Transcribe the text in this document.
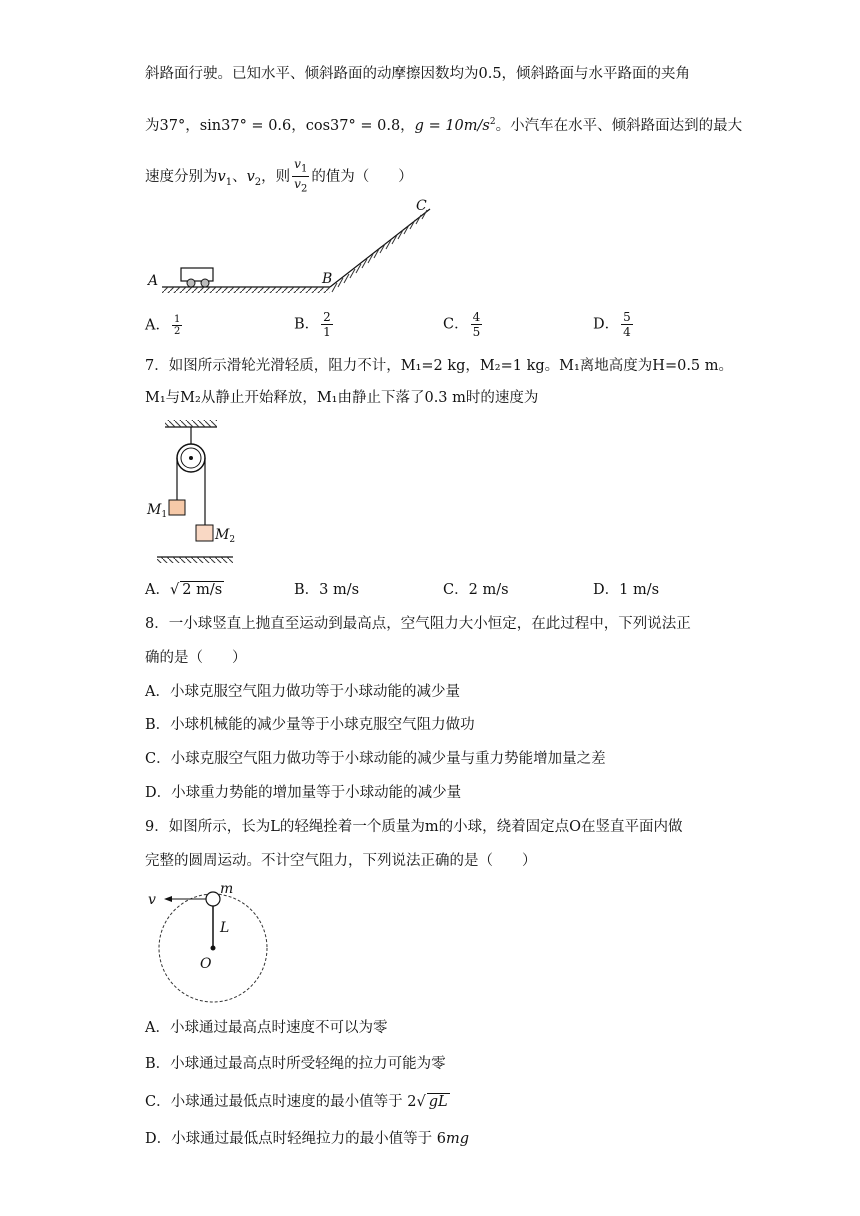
斜路面行驶。已知水平、倾斜路面的动摩擦因数均为0.5，倾斜路面与水平路面的夹角
为37°，sin37° = 0.6，cos37° = 0.8，$g = 10m/s^2$。小汽车在水平、倾斜路面达到的最大
速度分别为$v_1$、$v_2$，则 $\frac{v_1}{v_2}$ 的值为（　　）
A	B
C
A． $\frac{1}{2}$	B． $\frac{2}{1}$	C． $\frac{4}{5}$	D． $\frac{5}{4}$
7．如图所示滑轮光滑轻质，阻力不计，M₁=2 kg，M₂=1 kg。M₁离地高度为H=0.5 m。
M₁与M₂从静止开始释放，M₁由静止下落了0.3 m时的速度为
$M_1$
$M_2$
A．√ 2 m/s	B．3 m/s	C．2 m/s	D．1 m/s
8．一小球竖直上抛直至运动到最高点，空气阻力大小恒定，在此过程中，下列说法正
确的是（　　）
A．小球克服空气阻力做功等于小球动能的减少量
B．小球机械能的减少量等于小球克服空气阻力做功
C．小球克服空气阻力做功等于小球动能的减少量与重力势能增加量之差
D．小球重力势能的增加量等于小球动能的减少量
9．如图所示，长为L的轻绳拴着一个质量为m的小球，绕着固定点O在竖直平面内做
完整的圆周运动。不计空气阻力，下列说法正确的是（　　）
v
m
L
O
A．小球通过最高点时速度不可以为零
B．小球通过最高点时所受轻绳的拉力可能为零
C．小球通过最低点时速度的最小值等于 2√ gL
D．小球通过最低点时轻绳拉力的最小值等于 6mg
